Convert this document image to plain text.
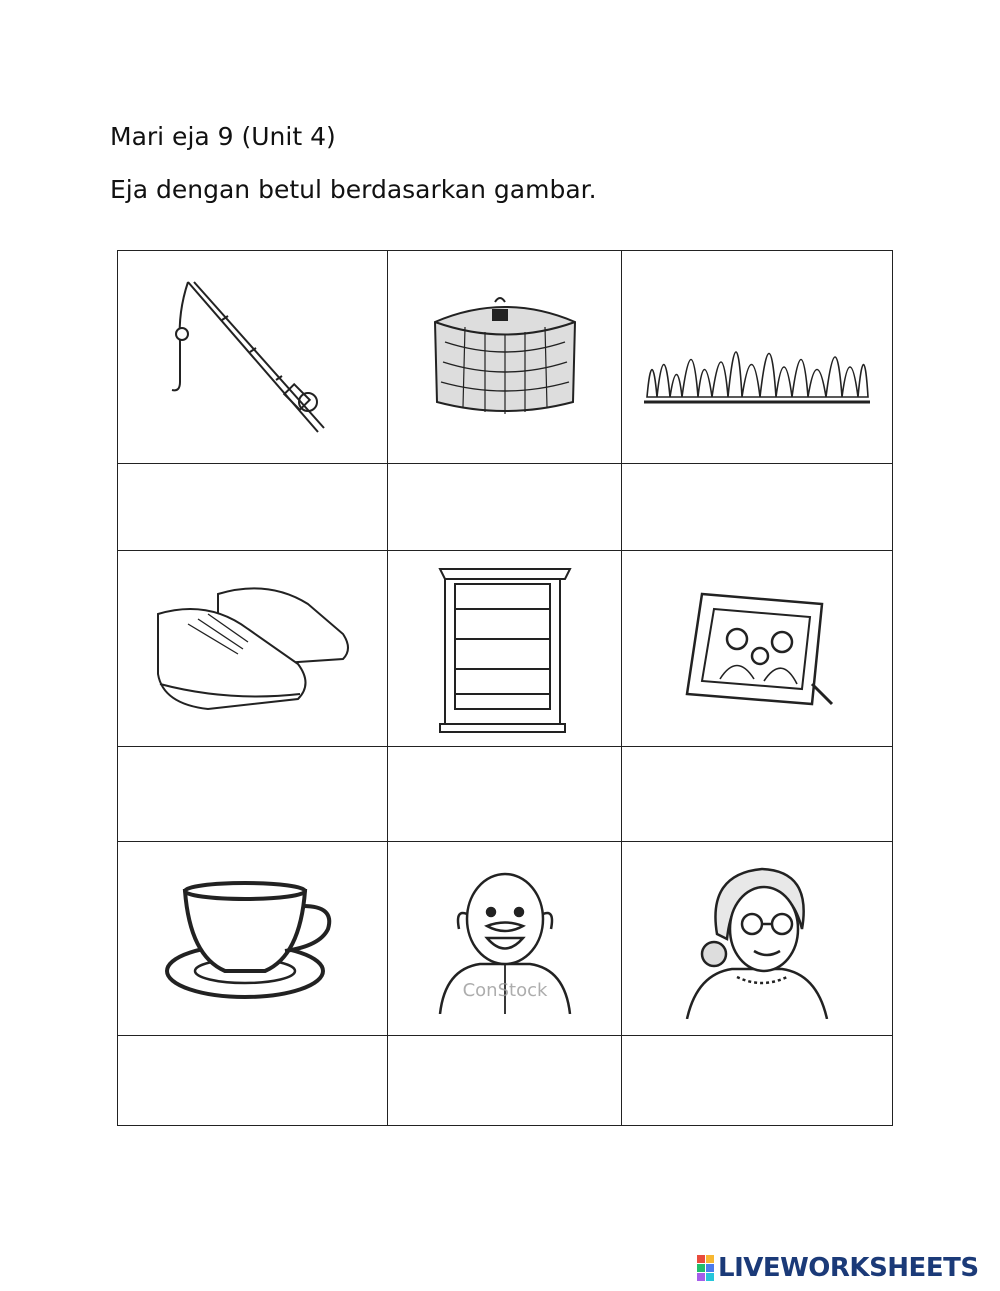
Mari eja 9 (Unit 4)
Eja dengan betul berdasarkan gambar.

ConStock

LIVEWORKSHEETS
